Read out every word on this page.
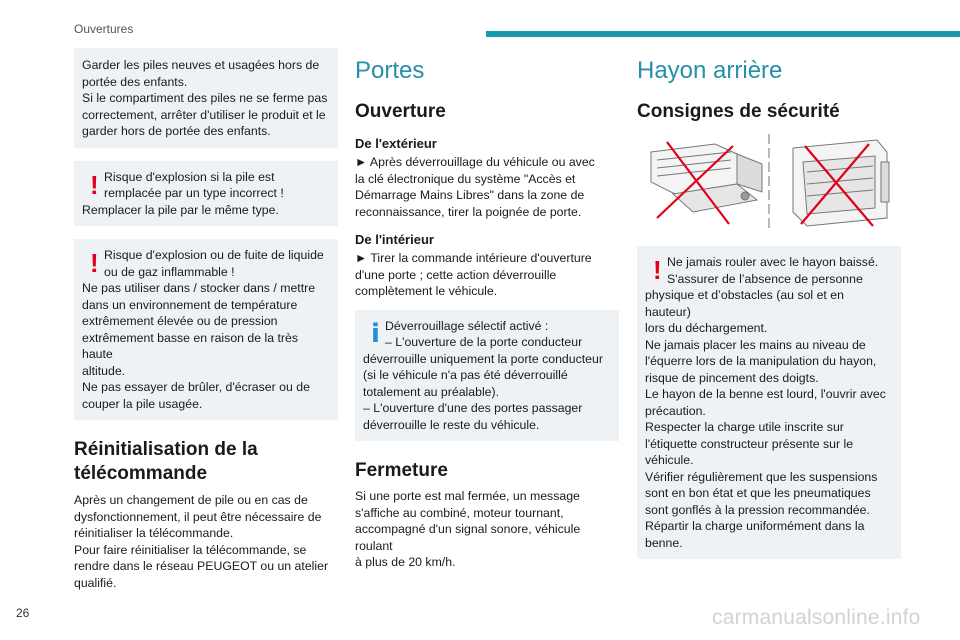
Ouvertures
Garder les piles neuves et usagées hors de
portée des enfants.
Si le compartiment des piles ne se ferme pas
correctement, arrêter d'utiliser le produit et le
garder hors de portée des enfants.
! Risque d'explosion si la pile est
remplacée par un type incorrect !
Remplacer la pile par le même type.
! Risque d'explosion ou de fuite de liquide
ou de gaz inflammable !
Ne pas utiliser dans / stocker dans / mettre
dans un environnement de température
extrêmement élevée ou de pression
extrêmement basse en raison de la très haute
altitude.
Ne pas essayer de brûler, d'écraser ou de
couper la pile usagée.
Réinitialisation de la
télécommande
Après un changement de pile ou en cas de
dysfonctionnement, il peut être nécessaire de
réinitialiser la télécommande.
Pour faire réinitialiser la télécommande, se
rendre dans le réseau PEUGEOT ou un atelier
qualifié.
Portes
Ouverture
De l'extérieur
► Après déverrouillage du véhicule ou avec
la clé électronique du système "Accès et
Démarrage Mains Libres" dans la zone de
reconnaissance, tirer la poignée de porte.
De l'intérieur
► Tirer la commande intérieure d'ouverture
d'une porte ; cette action déverrouille
complètement le véhicule.
i Déverrouillage sélectif activé :
– L'ouverture de la porte conducteur
déverrouille uniquement la porte conducteur
(si le véhicule n'a pas été déverrouillé
totalement au préalable).
– L'ouverture d'une des portes passager
déverrouille le reste du véhicule.
Fermeture
Si une porte est mal fermée, un message
s'affiche au combiné, moteur tournant,
accompagné d'un signal sonore, véhicule roulant
à plus de 20 km/h.
Hayon arrière
Consignes de sécurité
! Ne jamais rouler avec le hayon baissé.
S'assurer de l’absence de personne
physique et d’obstacles (au sol et en hauteur)
lors du déchargement.
Ne jamais placer les mains au niveau de
l'équerre lors de la manipulation du hayon,
risque de pincement des doigts.
Le hayon de la benne est lourd, l'ouvrir avec
précaution.
Respecter la charge utile inscrite sur
l'étiquette constructeur présente sur le
véhicule.
Vérifier régulièrement que les suspensions
sont en bon état et que les pneumatiques
sont gonflés à la pression recommandée.
Répartir la charge uniformément dans la
benne.
26	carmanualsonline.info
